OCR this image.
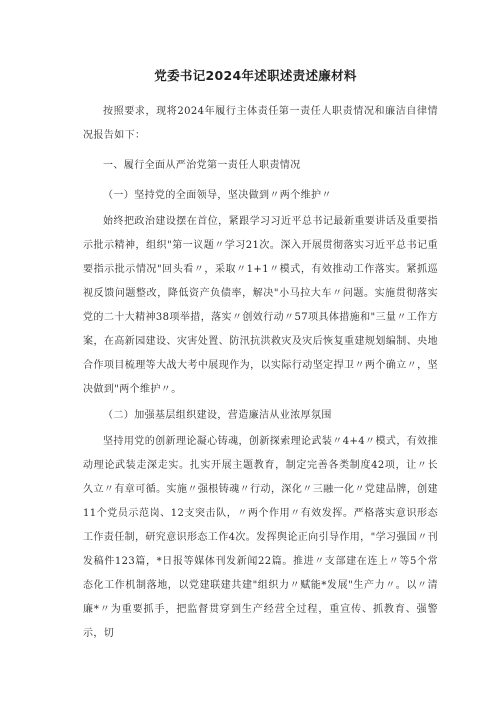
党委书记2024年述职述责述廉材料

按照要求，现将2024年履行主体责任第一责任人职责情况和廉洁自律情况报告如下：

一、履行全面从严治党第一责任人职责情况

（一）坚持党的全面领导，坚决做到〃两个维护〃

始终把政治建设摆在首位，紧跟学习习近平总书记最新重要讲话及重要指示批示精神，组织"第一议题〃学习21次。深入开展贯彻落实习近平总书记重要指示批示情况"回头看〃，采取〃1+1〃模式，有效推动工作落实。紧抓巡视反馈问题整改，降低资产负债率，解决"小马拉大车〃问题。实施贯彻落实党的二十大精神38项举措，落实〃创效行动〃57项具体措施和"三量〃工作方案，在高新园建设、灾害处置、防汛抗洪救灾及灾后恢复重建规划编制、央地合作项目梳理等大战大考中展现作为，以实际行动坚定捍卫〃两个确立〃，坚决做到"两个维护〃。

（二）加强基层组织建设，营造廉洁从业浓厚氛围

坚持用党的创新理论凝心铸魂，创新探索理论武装〃4+4〃模式，有效推动理论武装走深走实。扎实开展主题教育，制定完善各类制度42项，让〃长久立〃有章可循。实施〃强根铸魂〃行动，深化〃三融一化〃党建品牌，创建11个党员示范岗、12支突击队，〃两个作用〃有效发挥。严格落实意识形态工作责任制，研究意识形态工作4次。发挥舆论正向引导作用，"学习强国〃刊发稿件123篇，*日报等媒体刊发新闻22篇。推进〃支部建在连上〃等5个常态化工作机制落地，以党建联建共建"组织力〃赋能*发展"生产力〃。以〃清廉*〃为重要抓手，把监督贯穿到生产经营全过程，重宣传、抓教育、强警示，切
